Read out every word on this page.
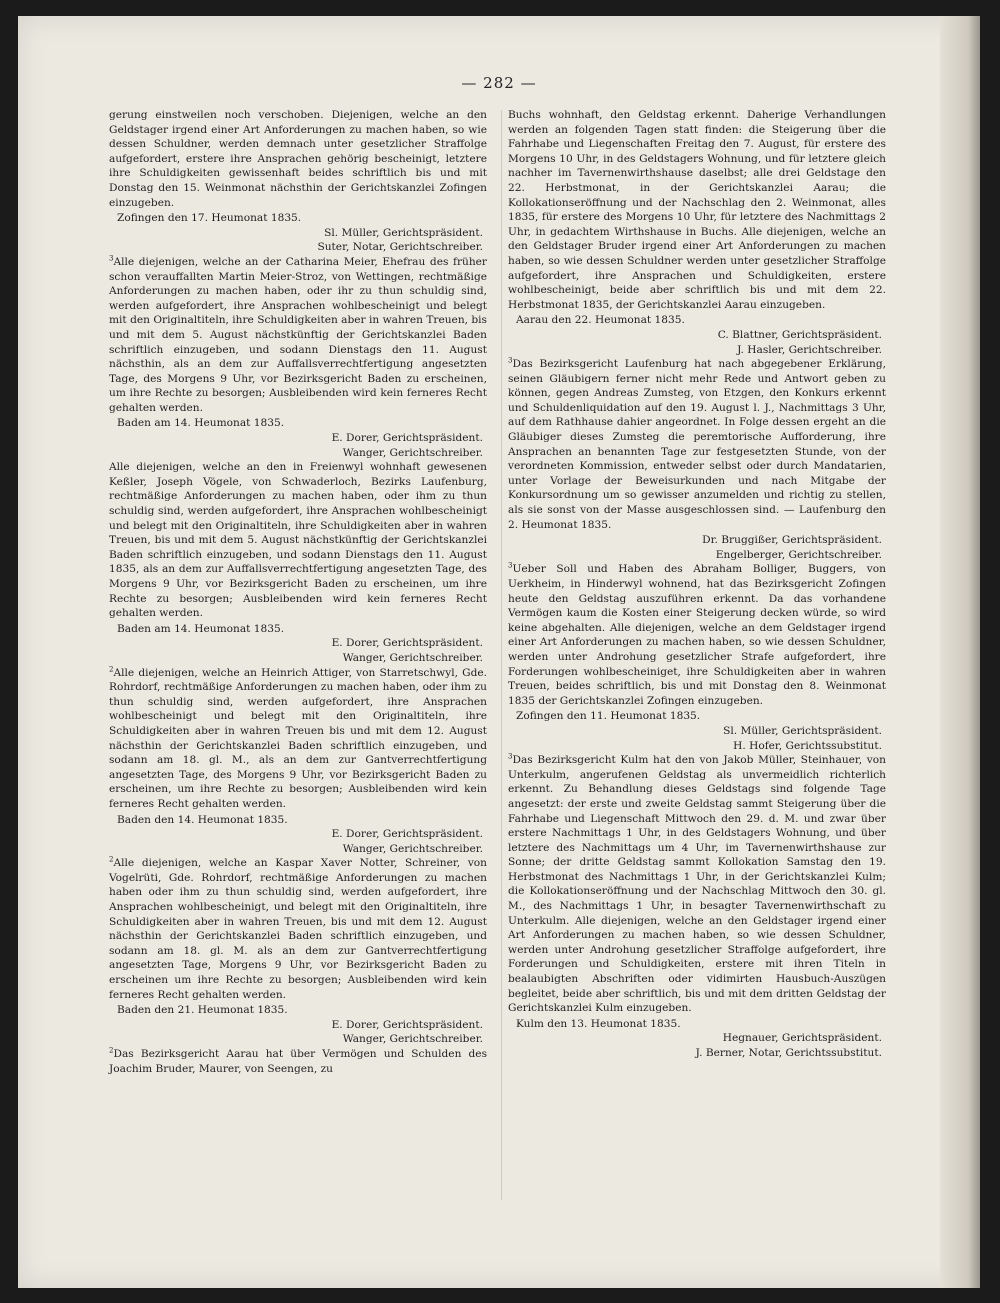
— 282 —

gerung einstweilen noch verschoben. Diejenigen, welche an den Geldstager irgend einer Art Anforderungen zu machen haben, so wie dessen Schuldner, werden demnach unter gesetzlicher Straffolge aufgefordert, erstere ihre Ansprachen gehörig bescheinigt, letztere ihre Schuldigkeiten gewissenhaft beides schriftlich bis und mit Donstag den 15. Weinmonat nächsthin der Gerichtskanzlei Zofingen einzugeben.

Zofingen den 17. Heumonat 1835.

Sl. Müller, Gerichtspräsident.

Suter, Notar, Gerichtschreiber.

$^3$Alle diejenigen, welche an der Catharina Meier, Ehefrau des früher schon verauffallten Martin Meier-Stroz, von Wettingen, rechtmäßige Anforderungen zu machen haben, oder ihr zu thun schuldig sind, werden aufgefordert, ihre Ansprachen wohlbescheinigt und belegt mit den Originaltiteln, ihre Schuldigkeiten aber in wahren Treuen, bis und mit dem 5. August nächstkünftig der Gerichtskanzlei Baden schriftlich einzugeben, und sodann Dienstags den 11. August nächsthin, als an dem zur Auffallsverrechtfertigung angesetzten Tage, des Morgens 9 Uhr, vor Bezirksgericht Baden zu erscheinen, um ihre Rechte zu besorgen; Ausbleibenden wird kein ferneres Recht gehalten werden.

Baden am 14. Heumonat 1835.

E. Dorer, Gerichtspräsident.

Wanger, Gerichtschreiber.

Alle diejenigen, welche an den in Freienwyl wohnhaft gewesenen Keßler, Joseph Vögele, von Schwaderloch, Bezirks Laufenburg, rechtmäßige Anforderungen zu machen haben, oder ihm zu thun schuldig sind, werden aufgefordert, ihre Ansprachen wohlbescheinigt und belegt mit den Originaltiteln, ihre Schuldigkeiten aber in wahren Treuen, bis und mit dem 5. August nächstkünftig der Gerichtskanzlei Baden schriftlich einzugeben, und sodann Dienstags den 11. August 1835, als an dem zur Auffallsverrechtfertigung angesetzten Tage, des Morgens 9 Uhr, vor Bezirksgericht Baden zu erscheinen, um ihre Rechte zu besorgen; Ausbleibenden wird kein ferneres Recht gehalten werden.

Baden am 14. Heumonat 1835.

E. Dorer, Gerichtspräsident.

Wanger, Gerichtschreiber.

$^2$Alle diejenigen, welche an Heinrich Attiger, von Starretschwyl, Gde. Rohrdorf, rechtmäßige Anforderungen zu machen haben, oder ihm zu thun schuldig sind, werden aufgefordert, ihre Ansprachen wohlbescheinigt und belegt mit den Originaltiteln, ihre Schuldigkeiten aber in wahren Treuen bis und mit dem 12. August nächsthin der Gerichtskanzlei Baden schriftlich einzugeben, und sodann am 18. gl. M., als an dem zur Gantverrechtfertigung angesetzten Tage, des Morgens 9 Uhr, vor Bezirksgericht Baden zu erscheinen, um ihre Rechte zu besorgen; Ausbleibenden wird kein ferneres Recht gehalten werden.

Baden den 14. Heumonat 1835.

E. Dorer, Gerichtspräsident.

Wanger, Gerichtschreiber.

$^2$Alle diejenigen, welche an Kaspar Xaver Notter, Schreiner, von Vogelrüti, Gde. Rohrdorf, rechtmäßige Anforderungen zu machen haben oder ihm zu thun schuldig sind, werden aufgefordert, ihre Ansprachen wohlbescheinigt, und belegt mit den Originaltiteln, ihre Schuldigkeiten aber in wahren Treuen, bis und mit dem 12. August nächsthin der Gerichtskanzlei Baden schriftlich einzugeben, und sodann am 18. gl. M. als an dem zur Gantverrechtfertigung angesetzten Tage, Morgens 9 Uhr, vor Bezirksgericht Baden zu erscheinen um ihre Rechte zu besorgen; Ausbleibenden wird kein ferneres Recht gehalten werden.

Baden den 21. Heumonat 1835.

E. Dorer, Gerichtspräsident.

Wanger, Gerichtschreiber.

$^2$Das Bezirksgericht Aarau hat über Vermögen und Schulden des Joachim Bruder, Maurer, von Seengen, zu

Buchs wohnhaft, den Geldstag erkennt. Daherige Verhandlungen werden an folgenden Tagen statt finden: die Steigerung über die Fahrhabe und Liegenschaften Freitag den 7. August, für erstere des Morgens 10 Uhr, in des Geldstagers Wohnung, und für letztere gleich nachher im Tavernenwirthshause daselbst; alle drei Geldstage den 22. Herbstmonat, in der Gerichtskanzlei Aarau; die Kollokationseröffnung und der Nachschlag den 2. Weinmonat, alles 1835, für erstere des Morgens 10 Uhr, für letztere des Nachmittags 2 Uhr, in gedachtem Wirthshause in Buchs. Alle diejenigen, welche an den Geldstager Bruder irgend einer Art Anforderungen zu machen haben, so wie dessen Schuldner werden unter gesetzlicher Straffolge aufgefordert, ihre Ansprachen und Schuldigkeiten, erstere wohlbescheinigt, beide aber schriftlich bis und mit dem 22. Herbstmonat 1835, der Gerichtskanzlei Aarau einzugeben.

Aarau den 22. Heumonat 1835.

C. Blattner, Gerichtspräsident.

J. Hasler, Gerichtschreiber.

$^3$Das Bezirksgericht Laufenburg hat nach abgegebener Erklärung, seinen Gläubigern ferner nicht mehr Rede und Antwort geben zu können, gegen Andreas Zumsteg, von Etzgen, den Konkurs erkennt und Schuldenliquidation auf den 19. August l. J., Nachmittags 3 Uhr, auf dem Rathhause dahier angeordnet. In Folge dessen ergeht an die Gläubiger dieses Zumsteg die peremtorische Aufforderung, ihre Ansprachen an benannten Tage zur festgesetzten Stunde, von der verordneten Kommission, entweder selbst oder durch Mandatarien, unter Vorlage der Beweisurkunden und nach Mitgabe der Konkursordnung um so gewisser anzumelden und richtig zu stellen, als sie sonst von der Masse ausgeschlossen sind. — Laufenburg den 2. Heumonat 1835.

Dr. Bruggißer, Gerichtspräsident.

Engelberger, Gerichtschreiber.

$^3$Ueber Soll und Haben des Abraham Bolliger, Buggers, von Uerkheim, in Hinderwyl wohnend, hat das Bezirksgericht Zofingen heute den Geldstag auszuführen erkennt. Da das vorhandene Vermögen kaum die Kosten einer Steigerung decken würde, so wird keine abgehalten. Alle diejenigen, welche an dem Geldstager irgend einer Art Anforderungen zu machen haben, so wie dessen Schuldner, werden unter Androhung gesetzlicher Strafe aufgefordert, ihre Forderungen wohlbescheiniget, ihre Schuldigkeiten aber in wahren Treuen, beides schriftlich, bis und mit Donstag den 8. Weinmonat 1835 der Gerichtskanzlei Zofingen einzugeben.

Zofingen den 11. Heumonat 1835.

Sl. Müller, Gerichtspräsident.

H. Hofer, Gerichtssubstitut.

$^3$Das Bezirksgericht Kulm hat den von Jakob Müller, Steinhauer, von Unterkulm, angerufenen Geldstag als unvermeidlich richterlich erkennt. Zu Behandlung dieses Geldstags sind folgende Tage angesetzt: der erste und zweite Geldstag sammt Steigerung über die Fahrhabe und Liegenschaft Mittwoch den 29. d. M. und zwar über erstere Nachmittags 1 Uhr, in des Geldstagers Wohnung, und über letztere des Nachmittags um 4 Uhr, im Tavernenwirthshause zur Sonne; der dritte Geldstag sammt Kollokation Samstag den 19. Herbstmonat des Nachmittags 1 Uhr, in der Gerichtskanzlei Kulm; die Kollokationseröffnung und der Nachschlag Mittwoch den 30. gl. M., des Nachmittags 1 Uhr, in besagter Tavernenwirthschaft zu Unterkulm. Alle diejenigen, welche an den Geldstager irgend einer Art Anforderungen zu machen haben, so wie dessen Schuldner, werden unter Androhung gesetzlicher Straffolge aufgefordert, ihre Forderungen und Schuldigkeiten, erstere mit ihren Titeln in bealaubigten Abschriften oder vidimirten Hausbuch-Auszügen begleitet, beide aber schriftlich, bis und mit dem dritten Geldstag der Gerichtskanzlei Kulm einzugeben.

Kulm den 13. Heumonat 1835.

Hegnauer, Gerichtspräsident.

J. Berner, Notar, Gerichtssubstitut.
